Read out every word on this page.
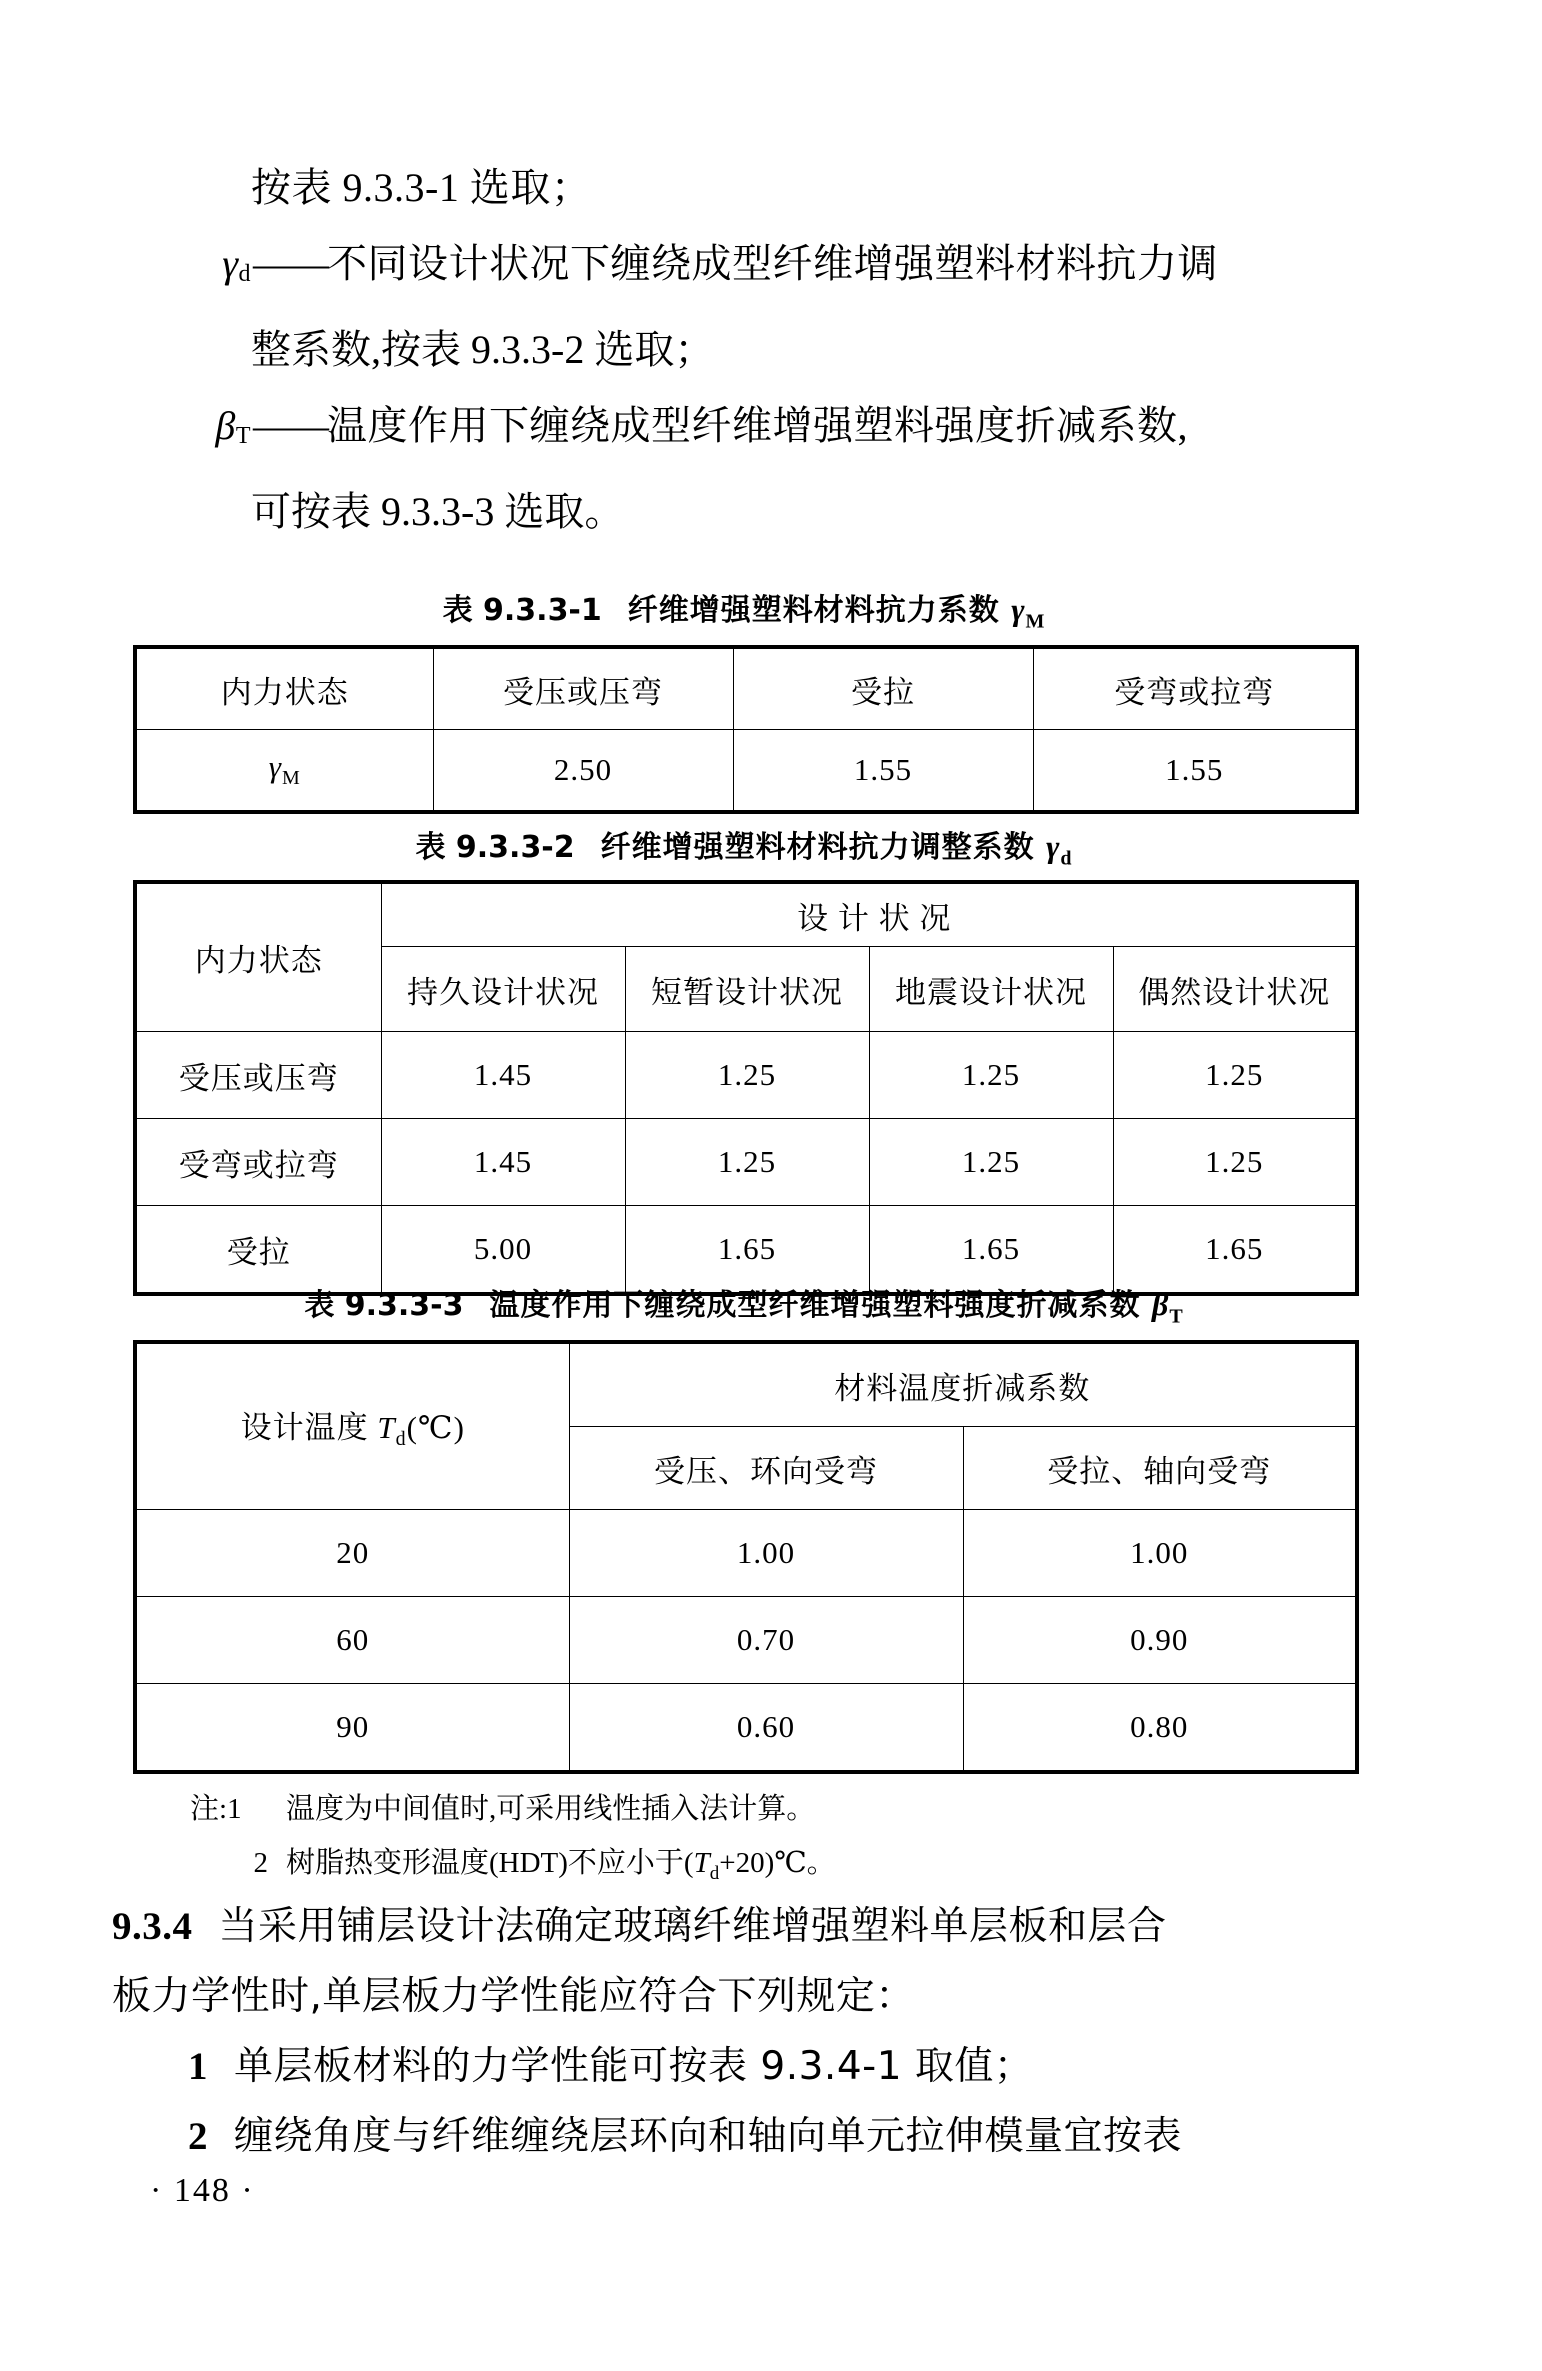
按表 9.3.3-1 选取；
$\gamma_d$ —— 不同设计状况下缠绕成型纤维增强塑料材料抗力调
整系数,按表 9.3.3-2 选取；
$\beta_T$ —— 温度作用下缠绕成型纤维增强塑料强度折减系数,
可按表 9.3.3-3 选取。
表 9.3.3-1 纤维增强塑料材料抗力系数 $\gamma_M$
内力状态	受压或压弯	受拉	受弯或拉弯
$\gamma_M$	2.50	1.55	1.55
表 9.3.3-2 纤维增强塑料材料抗力调整系数 $\gamma_d$
内力状态	设 计 状 况			
	持久设计状况	短暂设计状况	地震设计状况	偶然设计状况
受压或压弯	1.45	1.25	1.25	1.25
受弯或拉弯	1.45	1.25	1.25	1.25
受拉	5.00	1.65	1.65	1.65
表 9.3.3-3 温度作用下缠绕成型纤维增强塑料强度折减系数 $\beta_T$
设计温度 $T_d(℃)$	材料温度折减系数	
	受压、环向受弯	受拉、轴向受弯
20	1.00	1.00
60	0.70	0.90
90	0.60	0.80
注:1	温度为中间值时,可采用线性插入法计算。
2 树脂热变形温度(HDT)不应小于$(T_d+20)℃$。
9.3.4 当采用铺层设计法确定玻璃纤维增强塑料单层板和层合
板力学性时,单层板力学性能应符合下列规定：
1 单层板材料的力学性能可按表 9.3.4-1 取值；
2 缠绕角度与纤维缠绕层环向和轴向单元拉伸模量宜按表
· 148 ·
